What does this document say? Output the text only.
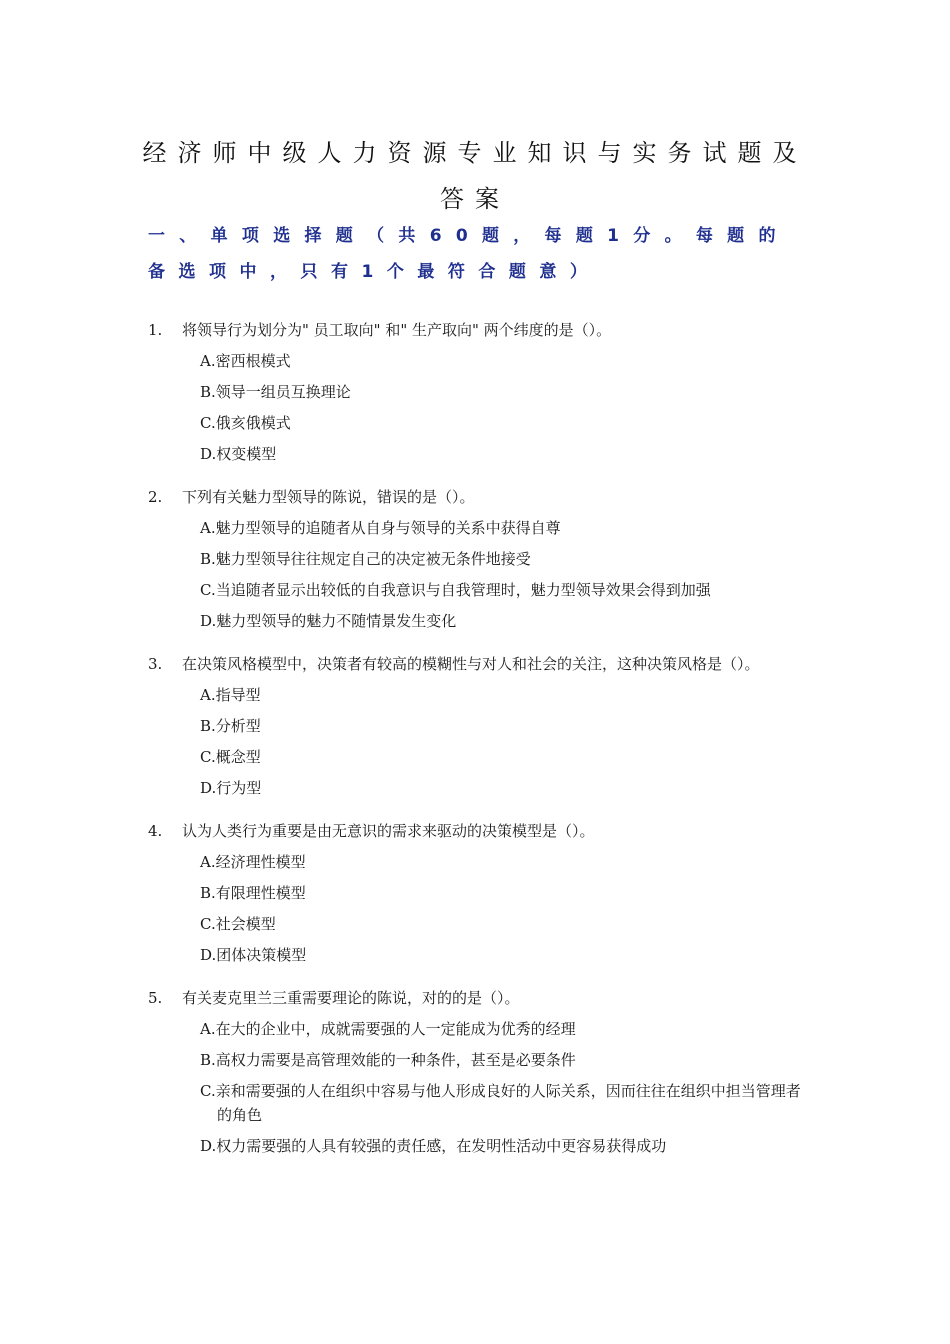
经济师中级人力资源专业知识与实务试题及
答案
一、单项选择题（共60题，每题1分。每题的
备选项中，只有1个最符合题意）
1.	将领导行为划分为" 员工取向" 和" 生产取向" 两个纬度的是（）。
A.密西根模式
B.领导一组员互换理论
C.俄亥俄模式
D.权变模型
2.	下列有关魅力型领导的陈说，错误的是（）。
A.魅力型领导的追随者从自身与领导的关系中获得自尊
B.魅力型领导往往规定自己的决定被无条件地接受
C.当追随者显示出较低的自我意识与自我管理时，魅力型领导效果会得到加强
D.魅力型领导的魅力不随情景发生变化
3.	在决策风格模型中，决策者有较高的模糊性与对人和社会的关注，这种决策风格是（）。
A.指导型
B.分析型
C.概念型
D.行为型
4.	认为人类行为重要是由无意识的需求来驱动的决策模型是（）。
A.经济理性模型
B.有限理性模型
C.社会模型
D.团体决策模型
5.	有关麦克里兰三重需要理论的陈说，对的的是（）。
A.在大的企业中，成就需要强的人一定能成为优秀的经理
B.高权力需要是高管理效能的一种条件，甚至是必要条件
C.亲和需要强的人在组织中容易与他人形成良好的人际关系，因而往往在组织中担当管理者的角色
D.权力需要强的人具有较强的责任感，在发明性活动中更容易获得成功
